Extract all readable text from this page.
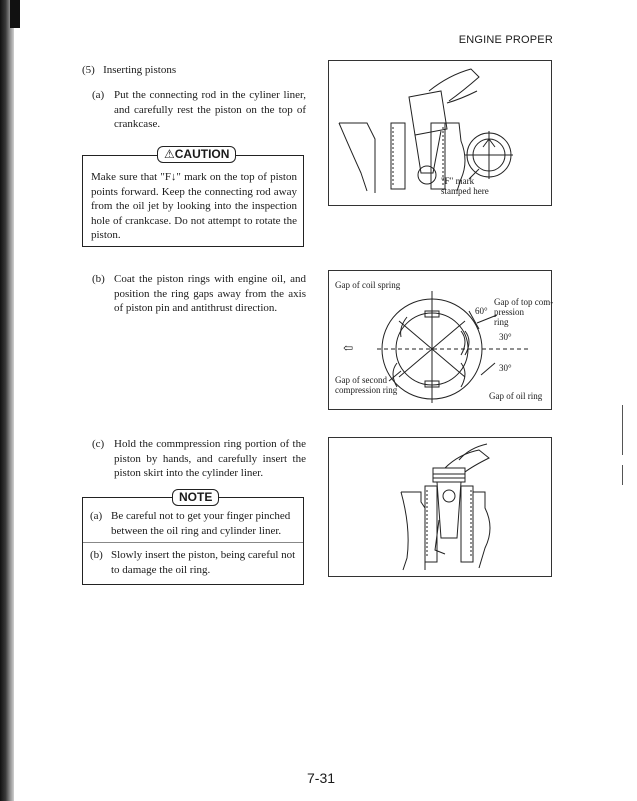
ENGINE PROPER
(5)   Inserting pistons
(a) Put the connecting rod in the cyliner liner, and carefully rest the piston on the top of crankcase.
Make sure that "F↓" mark on the top of piston points forward. Keep the connecting rod away from the oil jet by looking into the inspection hole of crankcase. Do not attempt to rotate the piston.
⚠CAUTION
(b) Coat the piston rings with engine oil, and position the ring gaps away from the axis of piston pin and antithrust direction.
(c) Hold the commpression ring portion of the piston by hands, and carefully insert the piston skirt into the cylinder liner.
(a) Be careful not to get your finger pinched between the oil ring and cylinder liner.
(b) Slowly insert the piston, being careful not to damage the oil ring.
NOTE
"F" mark
stamped here
Gap of coil spring
Gap of top com-
pression
ring
60°
30°
30°
⇦
Gap of second
compression ring
Gap of oil ring
7-31
